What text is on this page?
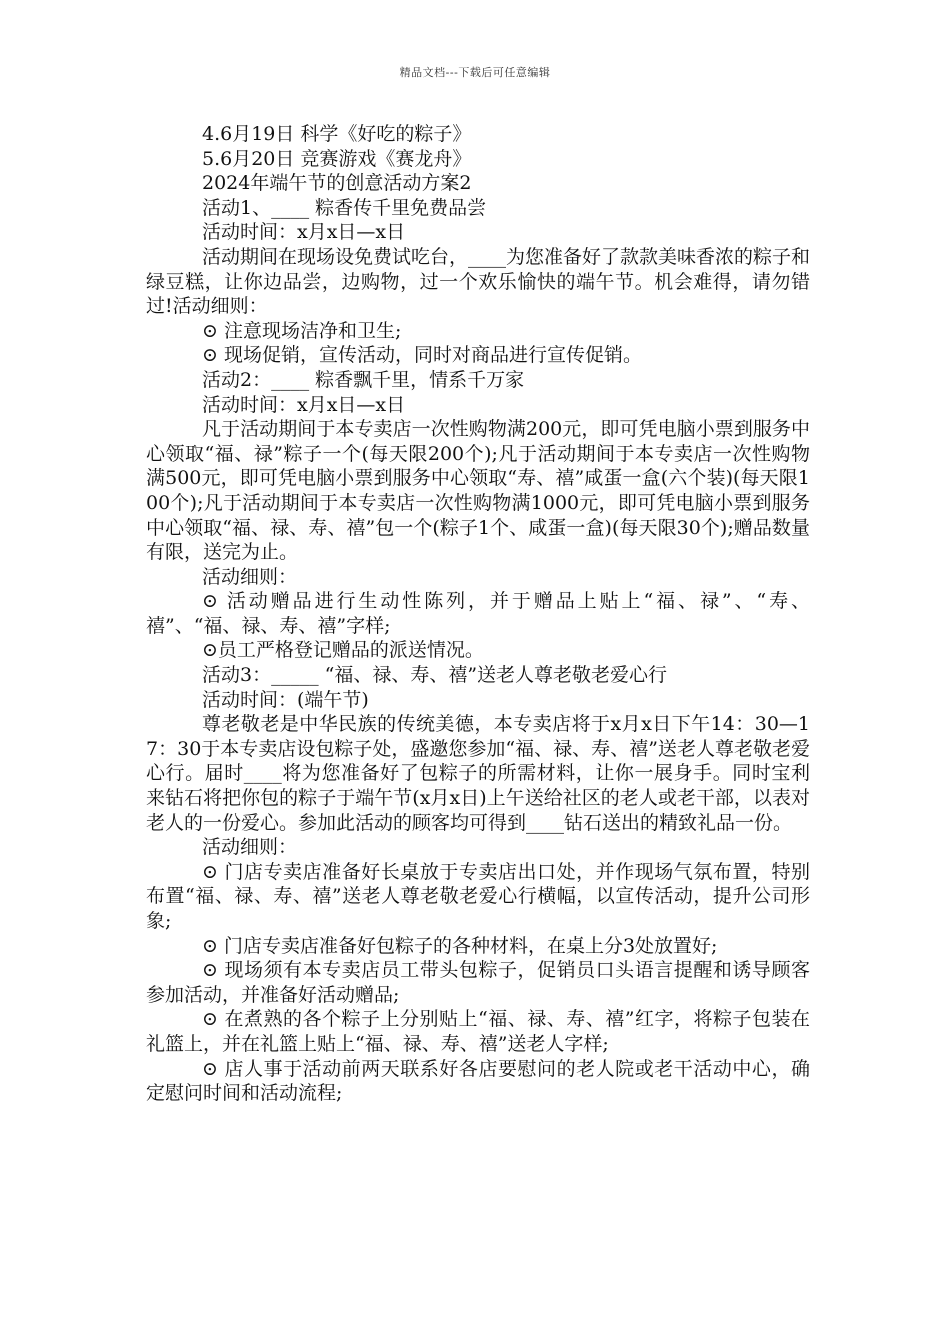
精品文档---下载后可任意编辑
4.6月19日 科学《好吃的粽子》
5.6月20日 竞赛游戏《赛龙舟》
2024年端午节的创意活动方案2
活动1、____ 粽香传千里免费品尝
活动时间：x月x日—x日
活动期间在现场设免费试吃台，____为您准备好了款款美味香浓的粽子和绿豆糕，让你边品尝，边购物，过一个欢乐愉快的端午节。机会难得，请勿错过!活动细则：
⊙ 注意现场洁净和卫生;
⊙ 现场促销，宣传活动，同时对商品进行宣传促销。
活动2：____ 粽香飘千里，情系千万家
活动时间：x月x日—x日
凡于活动期间于本专卖店一次性购物满200元，即可凭电脑小票到服务中心领取“福、禄”粽子一个(每天限200个);凡于活动期间于本专卖店一次性购物满500元，即可凭电脑小票到服务中心领取“寿、禧”咸蛋一盒(六个装)(每天限100个);凡于活动期间于本专卖店一次性购物满1000元，即可凭电脑小票到服务中心领取“福、禄、寿、禧”包一个(粽子1个、咸蛋一盒)(每天限30个);赠品数量有限，送完为止。
活动细则：
⊙ 活动赠品进行生动性陈列，并于赠品上贴上“福、禄”、“寿、禧”、“福、禄、寿、禧”字样;
⊙员工严格登记赠品的派送情况。
活动3：_____ “福、禄、寿、禧”送老人尊老敬老爱心行
活动时间：(端午节)
尊老敬老是中华民族的传统美德，本专卖店将于x月x日下午14：30—17：30于本专卖店设包粽子处，盛邀您参加“福、禄、寿、禧”送老人尊老敬老爱心行。届时____将为您准备好了包粽子的所需材料，让你一展身手。同时宝利来钻石将把你包的粽子于端午节(x月x日)上午送给社区的老人或老干部，以表对老人的一份爱心。参加此活动的顾客均可得到____钻石送出的精致礼品一份。
活动细则：
⊙ 门店专卖店准备好长桌放于专卖店出口处，并作现场气氛布置，特别布置“福、禄、寿、禧”送老人尊老敬老爱心行横幅，以宣传活动，提升公司形象;
⊙ 门店专卖店准备好包粽子的各种材料，在桌上分3处放置好;
⊙ 现场须有本专卖店员工带头包粽子，促销员口头语言提醒和诱导顾客参加活动，并准备好活动赠品;
⊙ 在煮熟的各个粽子上分别贴上“福、禄、寿、禧”红字，将粽子包装在礼篮上，并在礼篮上贴上“福、禄、寿、禧”送老人字样;
⊙ 店人事于活动前两天联系好各店要慰问的老人院或老干活动中心，确定慰问时间和活动流程;
